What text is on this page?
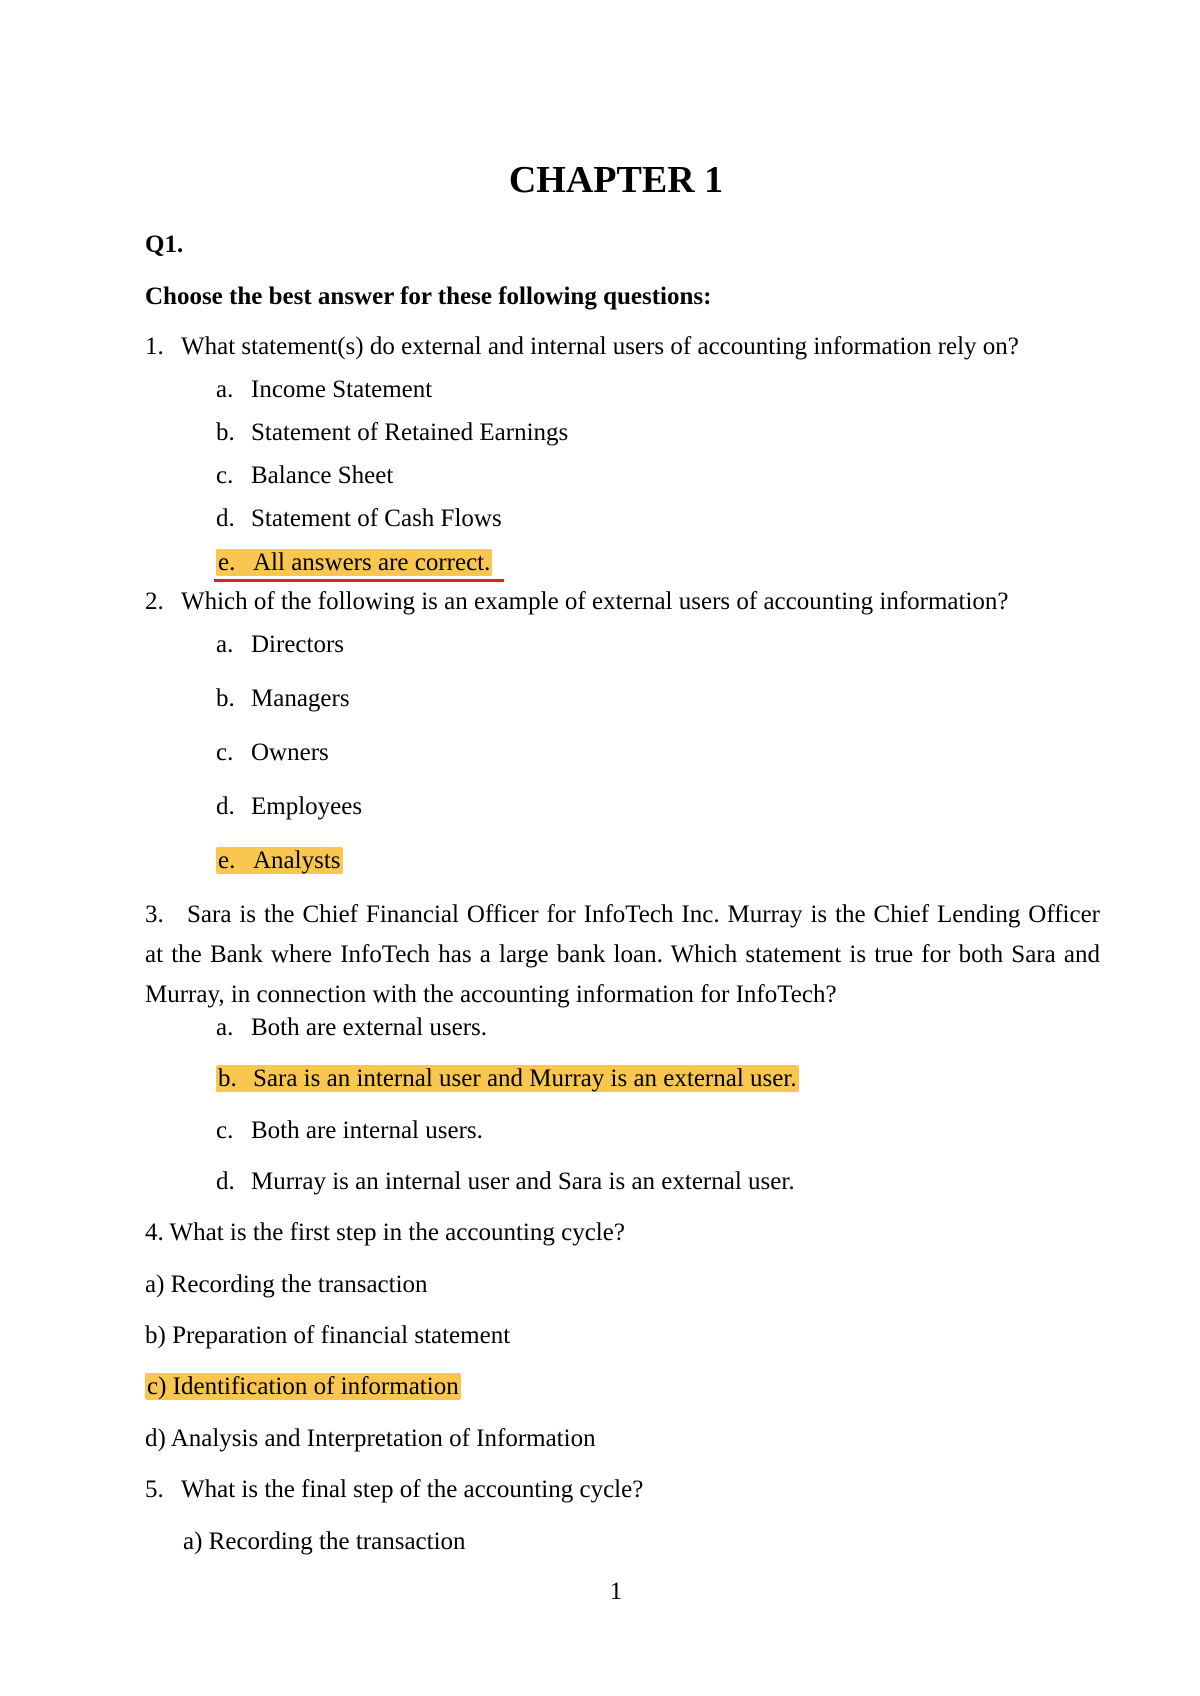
CHAPTER 1
Q1.
Choose the best answer for these following questions:
1. What statement(s) do external and internal users of accounting information rely on?
a. Income Statement
b. Statement of Retained Earnings
c. Balance Sheet
d. Statement of Cash Flows
e. All answers are correct.
2. Which of the following is an example of external users of accounting information?
a. Directors
b. Managers
c. Owners
d. Employees
e. Analysts
3. Sara is the Chief Financial Officer for InfoTech Inc. Murray is the Chief Lending Officer at the Bank where InfoTech has a large bank loan. Which statement is true for both Sara and Murray, in connection with the accounting information for InfoTech?
a. Both are external users.
b. Sara is an internal user and Murray is an external user.
c. Both are internal users.
d. Murray is an internal user and Sara is an external user.
4. What is the first step in the accounting cycle?
a) Recording the transaction
b) Preparation of financial statement
c) Identification of information
d) Analysis and Interpretation of Information
5. What is the final step of the accounting cycle?
a) Recording the transaction
1
